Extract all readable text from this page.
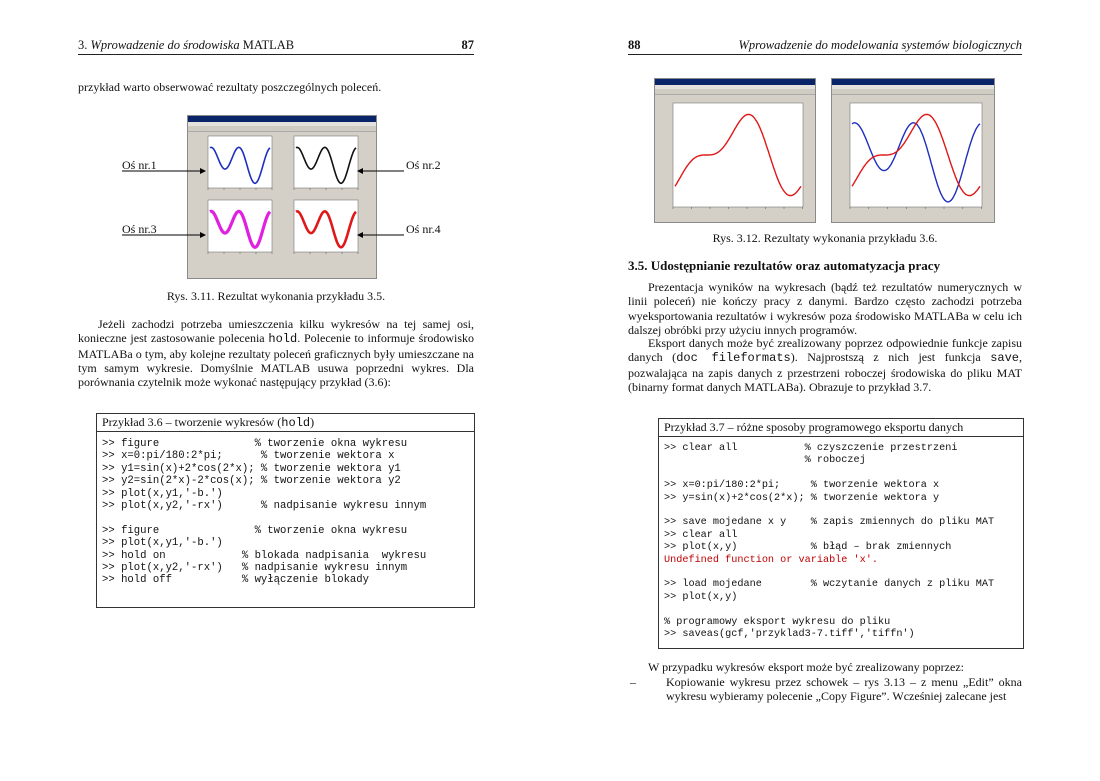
3. Wprowadzenie do środowiska MATLAB	87
przykład warto obserwować rezultaty poszczególnych poleceń.
Oś nr.1	Oś nr.2
Oś nr.3	Oś nr.4
Rys. 3.11. Rezultat wykonania przykładu 3.5.
Jeżeli zachodzi potrzeba umieszczenia kilku wykresów na tej samej osi, konieczne jest zastosowanie polecenia hold. Polecenie to informuje środowisko MATLABa o tym, aby kolejne rezultaty poleceń graficznych były umieszczane na tym samym wykresie. Domyślnie MATLAB usuwa poprzedni wykres. Dla porównania czytelnik może wykonać następujący przykład (3.6):
Przykład 3.6 – tworzenie wykresów (hold)
>> figure               % tworzenie okna wykresu
>> x=0:pi/180:2*pi;      % tworzenie wektora x
>> y1=sin(x)+2*cos(2*x); % tworzenie wektora y1
>> y2=sin(2*x)-2*cos(x); % tworzenie wektora y2
>> plot(x,y1,'-b.')
>> plot(x,y2,'-rx')      % nadpisanie wykresu innym

>> figure               % tworzenie okna wykresu
>> plot(x,y1,'-b.')
>> hold on            % blokada nadpisania  wykresu
>> plot(x,y2,'-rx')   % nadpisanie wykresu innym
>> hold off           % wyłączenie blokady
88	Wprowadzenie do modelowania systemów biologicznych
Rys. 3.12. Rezultaty wykonania przykładu 3.6.
3.5. Udostępnianie rezultatów oraz automatyzacja pracy
Prezentacja wyników na wykresach (bądź też rezultatów numerycznych w linii poleceń) nie kończy pracy z danymi. Bardzo często zachodzi potrzeba wyeksportowania rezultatów i wykresów poza środowisko MATLABa w celu ich dalszej obróbki przy użyciu innych programów.
Eksport danych może być zrealizowany poprzez odpowiednie funkcje zapisu danych (doc fileformats). Najprostszą z nich jest funkcja save, pozwalająca na zapis danych z przestrzeni roboczej środowiska do pliku MAT (binarny format danych MATLABa). Obrazuje to przykład 3.7.
Przykład 3.7 – różne sposoby programowego eksportu danych
>> clear all           % czyszczenie przestrzeni
% roboczej

>> x=0:pi/180:2*pi;     % tworzenie wektora x
>> y=sin(x)+2*cos(2*x); % tworzenie wektora y

>> save mojedane x y    % zapis zmiennych do pliku MAT
>> clear all
>> plot(x,y)            % błąd – brak zmiennych
Undefined function or variable 'x'.

>> load mojedane        % wczytanie danych z pliku MAT
>> plot(x,y)

% programowy eksport wykresu do pliku
>> saveas(gcf,'przyklad3-7.tiff','tiffn')
W przypadku wykresów eksport może być zrealizowany poprzez:
–	Kopiowanie wykresu przez schowek – rys 3.13 – z menu „Edit” okna wykresu wybieramy polecenie „Copy Figure”. Wcześniej zalecane jest
